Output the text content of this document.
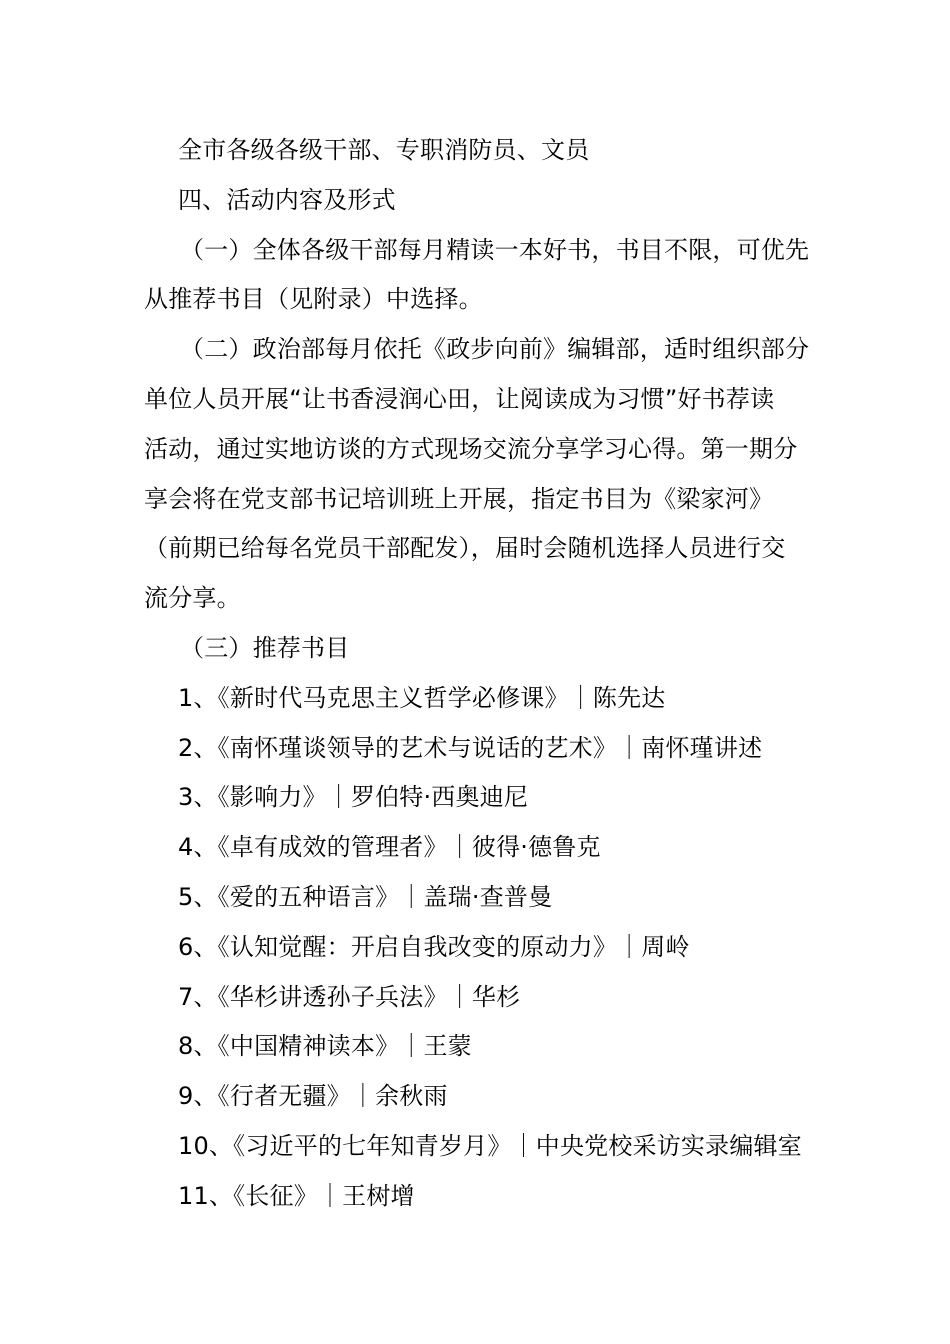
全市各级各级干部、专职消防员、文员
四、活动内容及形式
（一）全体各级干部每月精读一本好书，书目不限，可优先
从推荐书目（见附录）中选择。
（二）政治部每月依托《政步向前》编辑部，适时组织部分
单位人员开展“让书香浸润心田，让阅读成为习惯”好书荐读
活动，通过实地访谈的方式现场交流分享学习心得。第一期分
享会将在党支部书记培训班上开展，指定书目为《梁家河》
（前期已给每名党员干部配发），届时会随机选择人员进行交
流分享。
（三）推荐书目
1、《新时代马克思主义哲学必修课》｜陈先达
2、《南怀瑾谈领导的艺术与说话的艺术》｜南怀瑾讲述
3、《影响力》｜罗伯特·西奥迪尼
4、《卓有成效的管理者》｜彼得·德鲁克
5、《爱的五种语言》｜盖瑞·查普曼
6、《认知觉醒：开启自我改变的原动力》｜周岭
7、《华杉讲透孙子兵法》｜华杉
8、《中国精神读本》｜王蒙
9、《行者无疆》｜余秋雨
10、《习近平的七年知青岁月》｜中央党校采访实录编辑室
11、《长征》｜王树增
